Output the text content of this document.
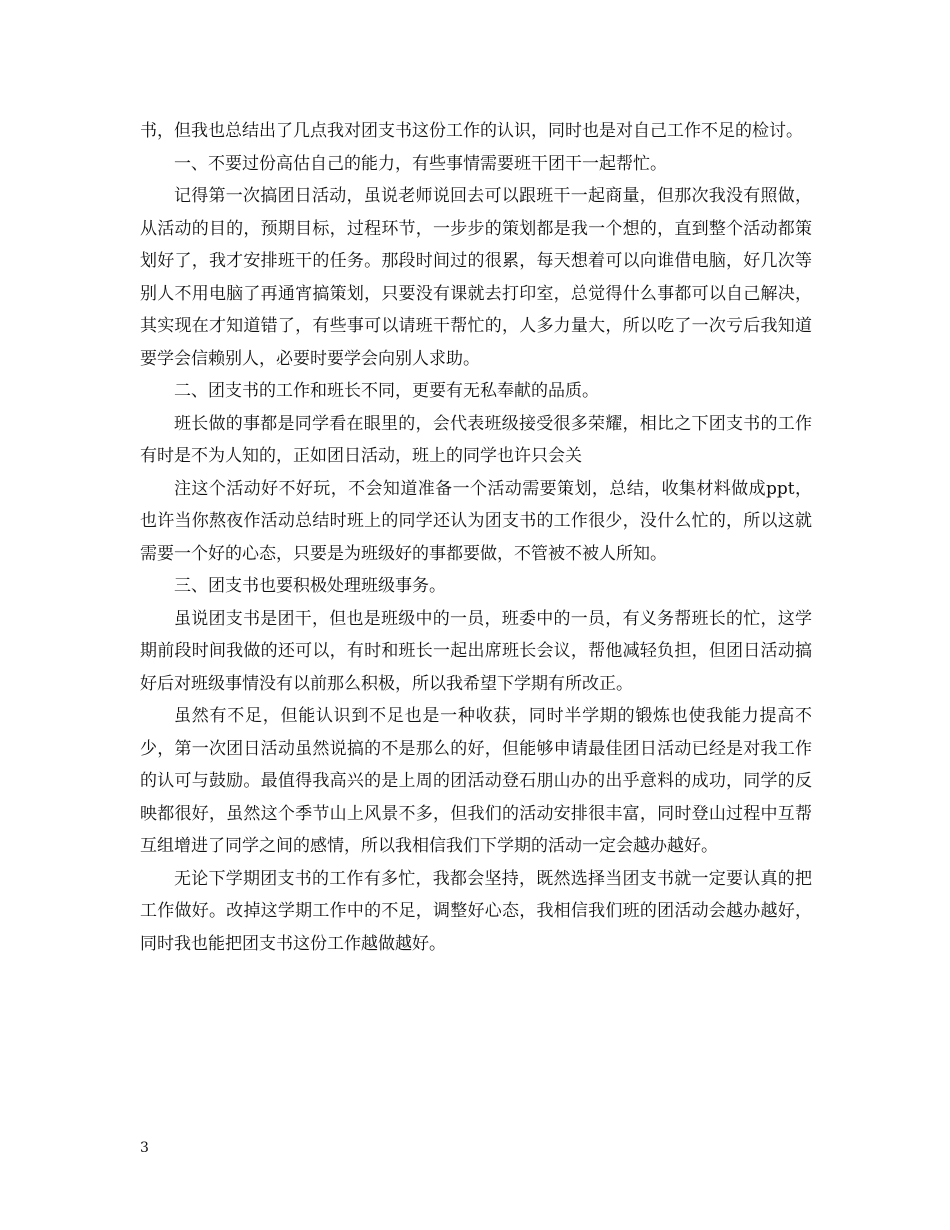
书，但我也总结出了几点我对团支书这份工作的认识，同时也是对自己工作不足的检讨。

一、不要过份高估自己的能力，有些事情需要班干团干一起帮忙。

记得第一次搞团日活动，虽说老师说回去可以跟班干一起商量，但那次我没有照做，从活动的目的，预期目标，过程环节，一步步的策划都是我一个想的，直到整个活动都策划好了，我才安排班干的任务。那段时间过的很累，每天想着可以向谁借电脑，好几次等别人不用电脑了再通宵搞策划，只要没有课就去打印室，总觉得什么事都可以自己解决，其实现在才知道错了，有些事可以请班干帮忙的，人多力量大，所以吃了一次亏后我知道要学会信赖别人，必要时要学会向别人求助。

二、团支书的工作和班长不同，更要有无私奉献的品质。

班长做的事都是同学看在眼里的，会代表班级接受很多荣耀，相比之下团支书的工作有时是不为人知的，正如团日活动，班上的同学也许只会关

注这个活动好不好玩，不会知道准备一个活动需要策划，总结，收集材料做成ppt，也许当你熬夜作活动总结时班上的同学还认为团支书的工作很少，没什么忙的，所以这就需要一个好的心态，只要是为班级好的事都要做，不管被不被人所知。

三、团支书也要积极处理班级事务。

虽说团支书是团干，但也是班级中的一员，班委中的一员，有义务帮班长的忙，这学期前段时间我做的还可以，有时和班长一起出席班长会议，帮他减轻负担，但团日活动搞好后对班级事情没有以前那么积极，所以我希望下学期有所改正。

虽然有不足，但能认识到不足也是一种收获，同时半学期的锻炼也使我能力提高不少，第一次团日活动虽然说搞的不是那么的好，但能够申请最佳团日活动已经是对我工作的认可与鼓励。最值得我高兴的是上周的团活动登石朋山办的出乎意料的成功，同学的反映都很好，虽然这个季节山上风景不多，但我们的活动安排很丰富，同时登山过程中互帮互组增进了同学之间的感情，所以我相信我们下学期的活动一定会越办越好。

无论下学期团支书的工作有多忙，我都会坚持，既然选择当团支书就一定要认真的把工作做好。改掉这学期工作中的不足，调整好心态，我相信我们班的团活动会越办越好，同时我也能把团支书这份工作越做越好。

3
